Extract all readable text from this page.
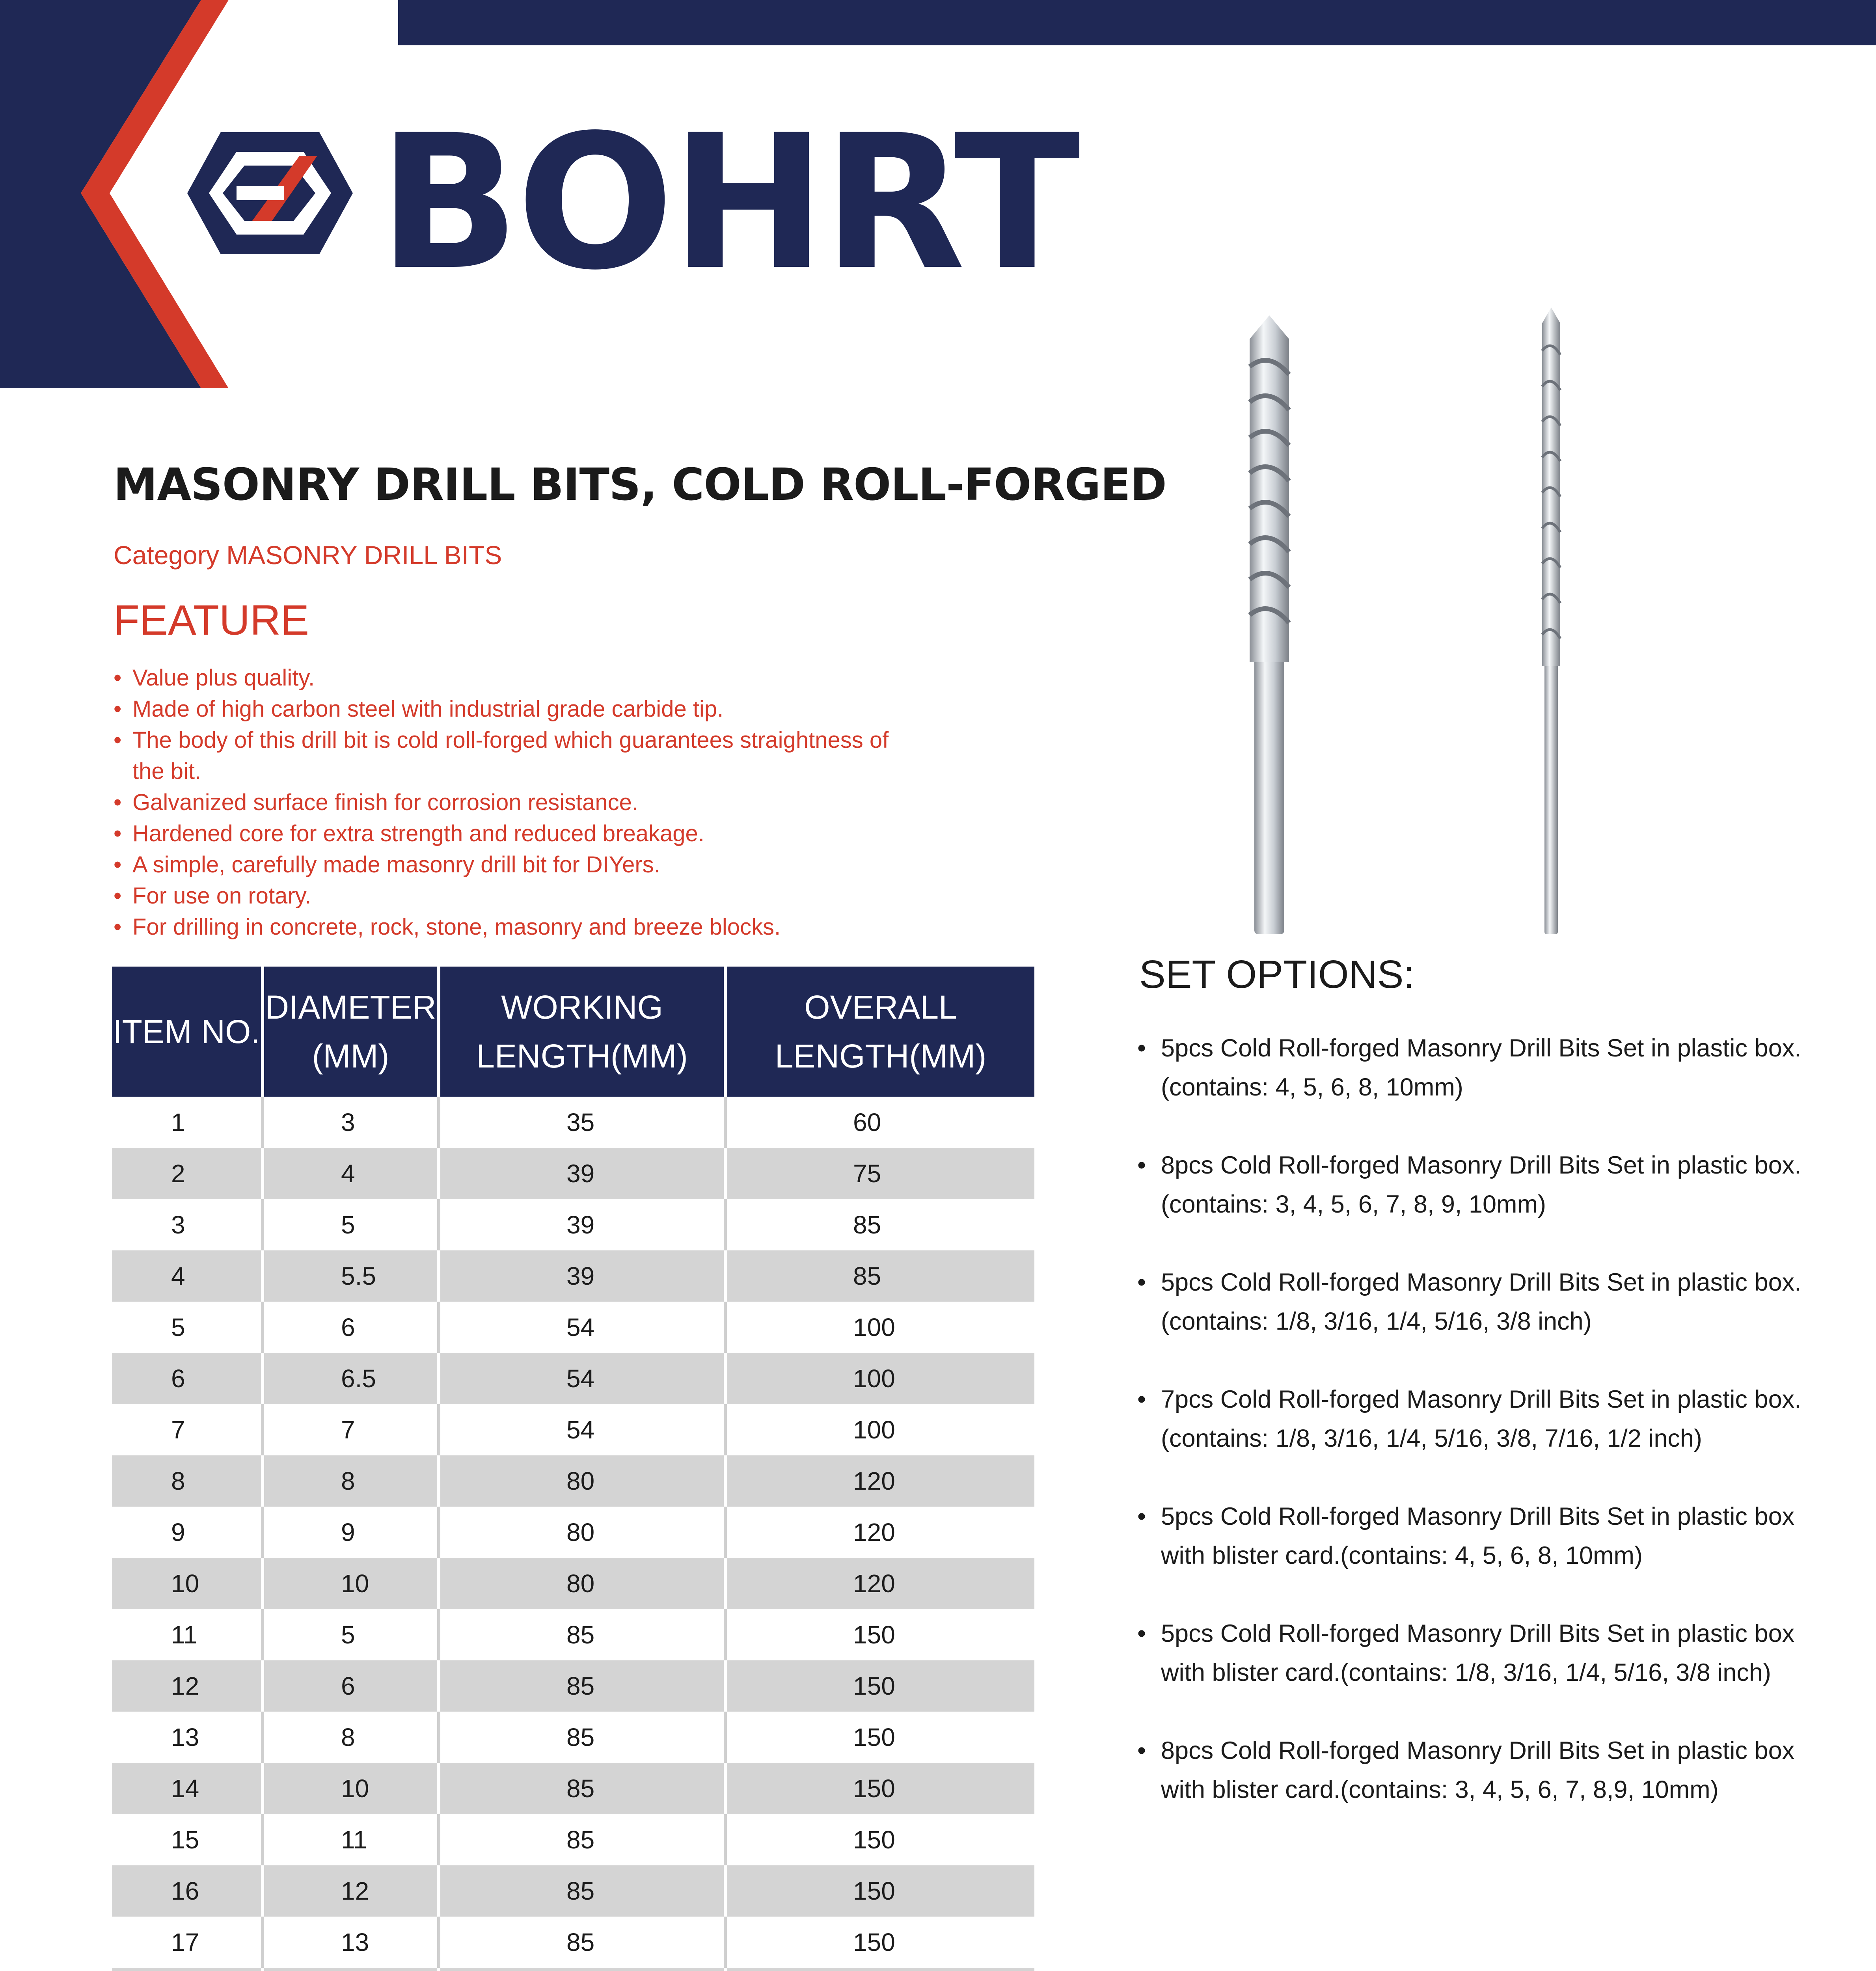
BOHRT

MASONRY DRILL BITS, COLD ROLL-FORGED

Category MASONRY DRILL BITS

FEATURE
• Value plus quality.
• Made of high carbon steel with industrial grade carbide tip.
• The body of this drill bit is cold roll-forged which guarantees straightness of the bit.
• Galvanized surface finish for corrosion resistance.
• Hardened core for extra strength and reduced breakage.
• A simple, carefully made masonry drill bit for DIYers.
• For use on rotary.
• For drilling in concrete, rock, stone, masonry and breeze blocks.
ITEM NO.	DIAMETER (MM)	WORKING LENGTH(MM)	OVERALL LENGTH(MM)
1	3	35	60
2	4	39	75
3	5	39	85
4	5.5	39	85
5	6	54	100
6	6.5	54	100
7	7	54	100
8	8	80	120
9	9	80	120
10	10	80	120
11	5	85	150
12	6	85	150
13	8	85	150
14	10	85	150
15	11	85	150
16	12	85	150
17	13	85	150

SET OPTIONS:
• 5pcs Cold Roll-forged Masonry Drill Bits Set in plastic box.(contains: 4, 5, 6, 8, 10mm)
• 8pcs Cold Roll-forged Masonry Drill Bits Set in plastic box.(contains: 3, 4, 5, 6, 7, 8, 9, 10mm)
• 5pcs Cold Roll-forged Masonry Drill Bits Set in plastic box.(contains: 1/8, 3/16, 1/4, 5/16, 3/8 inch)
• 7pcs Cold Roll-forged Masonry Drill Bits Set in plastic box.(contains: 1/8, 3/16, 1/4, 5/16, 3/8, 7/16, 1/2 inch)
• 5pcs Cold Roll-forged Masonry Drill Bits Set in plastic box with blister card.(contains: 4, 5, 6, 8, 10mm)
• 5pcs Cold Roll-forged Masonry Drill Bits Set in plastic box with blister card.(contains: 1/8, 3/16, 1/4, 5/16, 3/8 inch)
• 8pcs Cold Roll-forged Masonry Drill Bits Set in plastic box with blister card.(contains: 3, 4, 5, 6, 7, 8,9, 10mm)
